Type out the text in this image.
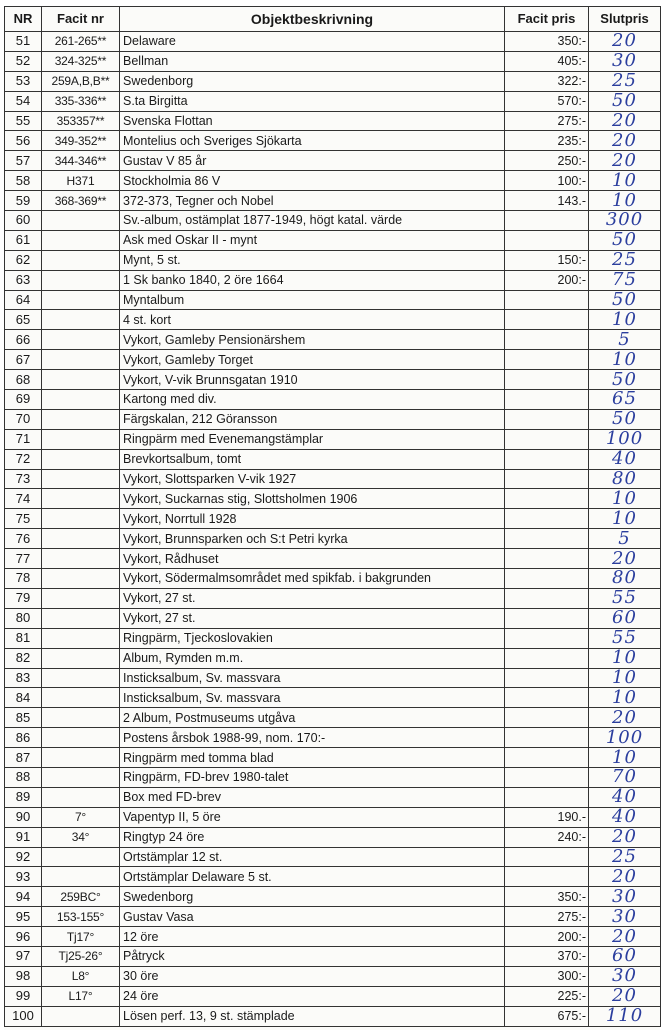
NR	Facit nr	Objektbeskrivning	Facit pris	Slutpris
51	261-265**	Delaware	350:-	20
52	324-325**	Bellman	405:-	30
53	259A,B,B**	Swedenborg	322:-	25
54	335-336**	S.ta Birgitta	570:-	50
55	353357**	Svenska Flottan	275:-	20
56	349-352**	Montelius och Sveriges Sjökarta	235:-	20
57	344-346**	Gustav V 85 år	250:-	20
58	H371	Stockholmia 86 V	100:-	10
59	368-369**	372-373, Tegner och Nobel	143.-	10
60		Sv.-album, ostämplat 1877-1949, högt katal. värde		300
61		Ask med Oskar II - mynt		50
62		Mynt, 5 st.	150:-	25
63		1 Sk banko 1840, 2 öre 1664	200:-	75
64		Myntalbum		50
65		4 st. kort		10
66		Vykort, Gamleby Pensionärshem		5
67		Vykort, Gamleby Torget		10
68		Vykort, V-vik Brunnsgatan 1910		50
69		Kartong med div.		65
70		Färgskalan, 212 Göransson		50
71		Ringpärm med Evenemangstämplar		100
72		Brevkortsalbum, tomt		40
73		Vykort, Slottsparken V-vik 1927		80
74		Vykort, Suckarnas stig, Slottsholmen 1906		10
75		Vykort, Norrtull 1928		10
76		Vykort, Brunnsparken och S:t Petri kyrka		5
77		Vykort, Rådhuset		20
78		Vykort, Södermalmsområdet med spikfab. i bakgrunden		80
79		Vykort, 27 st.		55
80		Vykort, 27 st.		60
81		Ringpärm, Tjeckoslovakien		55
82		Album, Rymden m.m.		10
83		Insticksalbum, Sv. massvara		10
84		Insticksalbum, Sv. massvara		10
85		2 Album, Postmuseums utgåva		20
86		Postens årsbok 1988-99, nom. 170:-		100
87		Ringpärm med tomma blad		10
88		Ringpärm, FD-brev 1980-talet		70
89		Box med FD-brev		40
90	7°	Vapentyp II, 5 öre	190.-	40
91	34°	Ringtyp 24 öre	240:-	20
92		Ortstämplar 12 st.		25
93		Ortstämplar Delaware 5 st.		20
94	259BC°	Swedenborg	350:-	30
95	153-155°	Gustav Vasa	275:-	30
96	Tj17°	12 öre	200:-	20
97	Tj25-26°	Påtryck	370:-	60
98	L8°	30 öre	300:-	30
99	L17°	24 öre	225:-	20
100		Lösen perf. 13, 9 st. stämplade	675:-	110
